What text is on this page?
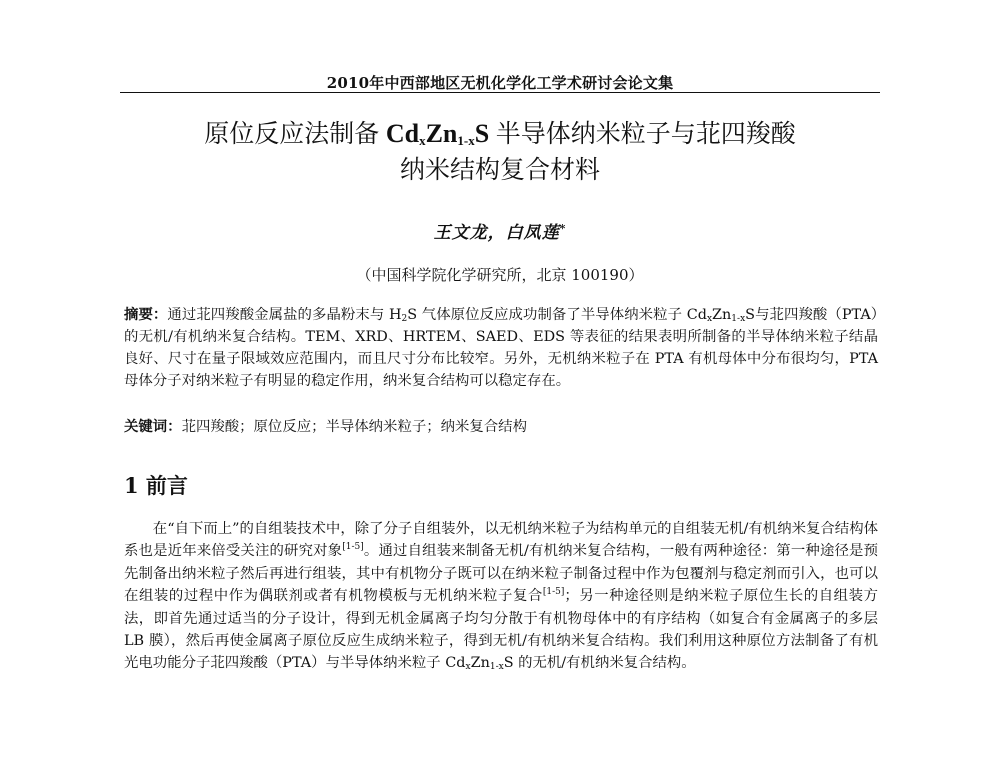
2010年中西部地区无机化学化工学术研讨会论文集
原位反应法制备 $Cd_xZn_{1-x}S$ 半导体纳米粒子与苝四羧酸
纳米结构复合材料
王文龙，白凤莲*
（中国科学院化学研究所，北京 100190）
摘要：通过苝四羧酸金属盐的多晶粉末与 $H_2S$ 气体原位反应成功制备了半导体纳米粒子 $Cd_xZn_{1-x}S$与苝四羧酸（PTA）的无机/有机纳米复合结构。TEM、XRD、HRTEM、SAED、EDS 等表征的结果表明所制备的半导体纳米粒子结晶良好、尺寸在量子限域效应范围内，而且尺寸分布比较窄。另外，无机纳米粒子在 PTA 有机母体中分布很均匀，PTA 母体分子对纳米粒子有明显的稳定作用，纳米复合结构可以稳定存在。
关键词：苝四羧酸；原位反应；半导体纳米粒子；纳米复合结构
1 前言

在“自下而上”的自组装技术中，除了分子自组装外，以无机纳米粒子为结构单元的自组装无机/有机纳米复合结构体系也是近年来倍受关注的研究对象[1-5]。通过自组装来制备无机/有机纳米复合结构，一般有两种途径：第一种途径是预先制备出纳米粒子然后再进行组装，其中有机物分子既可以在纳米粒子制备过程中作为包覆剂与稳定剂而引入，也可以在组装的过程中作为偶联剂或者有机物模板与无机纳米粒子复合[1-5]；另一种途径则是纳米粒子原位生长的自组装方法，即首先通过适当的分子设计，得到无机金属离子均匀分散于有机物母体中的有序结构（如复合有金属离子的多层 LB 膜），然后再使金属离子原位反应生成纳米粒子，得到无机/有机纳米复合结构。我们利用这种原位方法制备了有机光电功能分子苝四羧酸（PTA）与半导体纳米粒子 $Cd_xZn_{1-x}S$ 的无机/有机纳米复合结构。
